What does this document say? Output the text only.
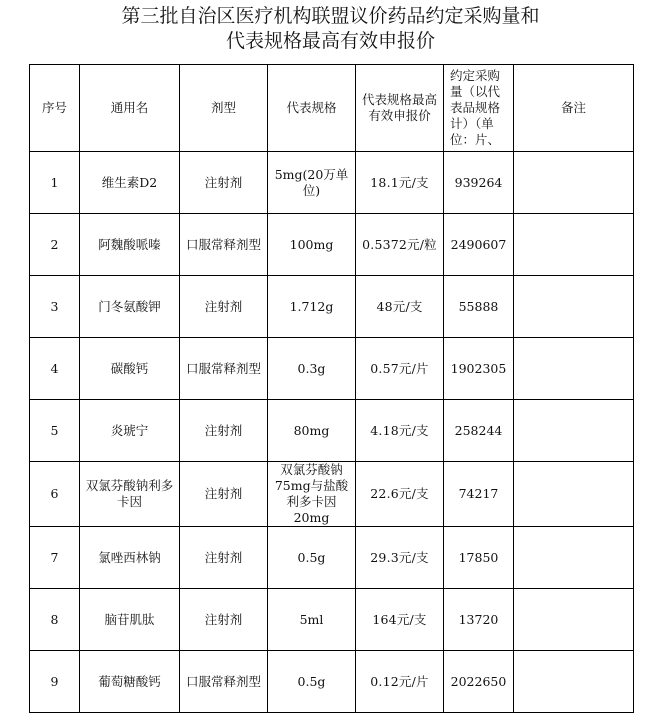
第三批自治区医疗机构联盟议价药品约定采购量和
代表规格最高有效申报价
序号	通用名	剂型	代表规格	代表规格最高有效申报价	约定采购量（以代表品规格计）（单位：片、	备注
1	维生素D2	注射剂	5mg(20万单位)	18.1元/支	939264	
2	阿魏酸哌嗪	口服常释剂型	100mg	0.5372元/粒	2490607	
3	门冬氨酸钾	注射剂	1.712g	48元/支	55888	
4	碳酸钙	口服常释剂型	0.3g	0.57元/片	1902305	
5	炎琥宁	注射剂	80mg	4.18元/支	258244	
6	双氯芬酸钠利多卡因	注射剂	双氯芬酸钠75mg与盐酸利多卡因20mg	22.6元/支	74217	
7	氯唑西林钠	注射剂	0.5g	29.3元/支	17850	
8	脑苷肌肽	注射剂	5ml	164元/支	13720	
9	葡萄糖酸钙	口服常释剂型	0.5g	0.12元/片	2022650	
